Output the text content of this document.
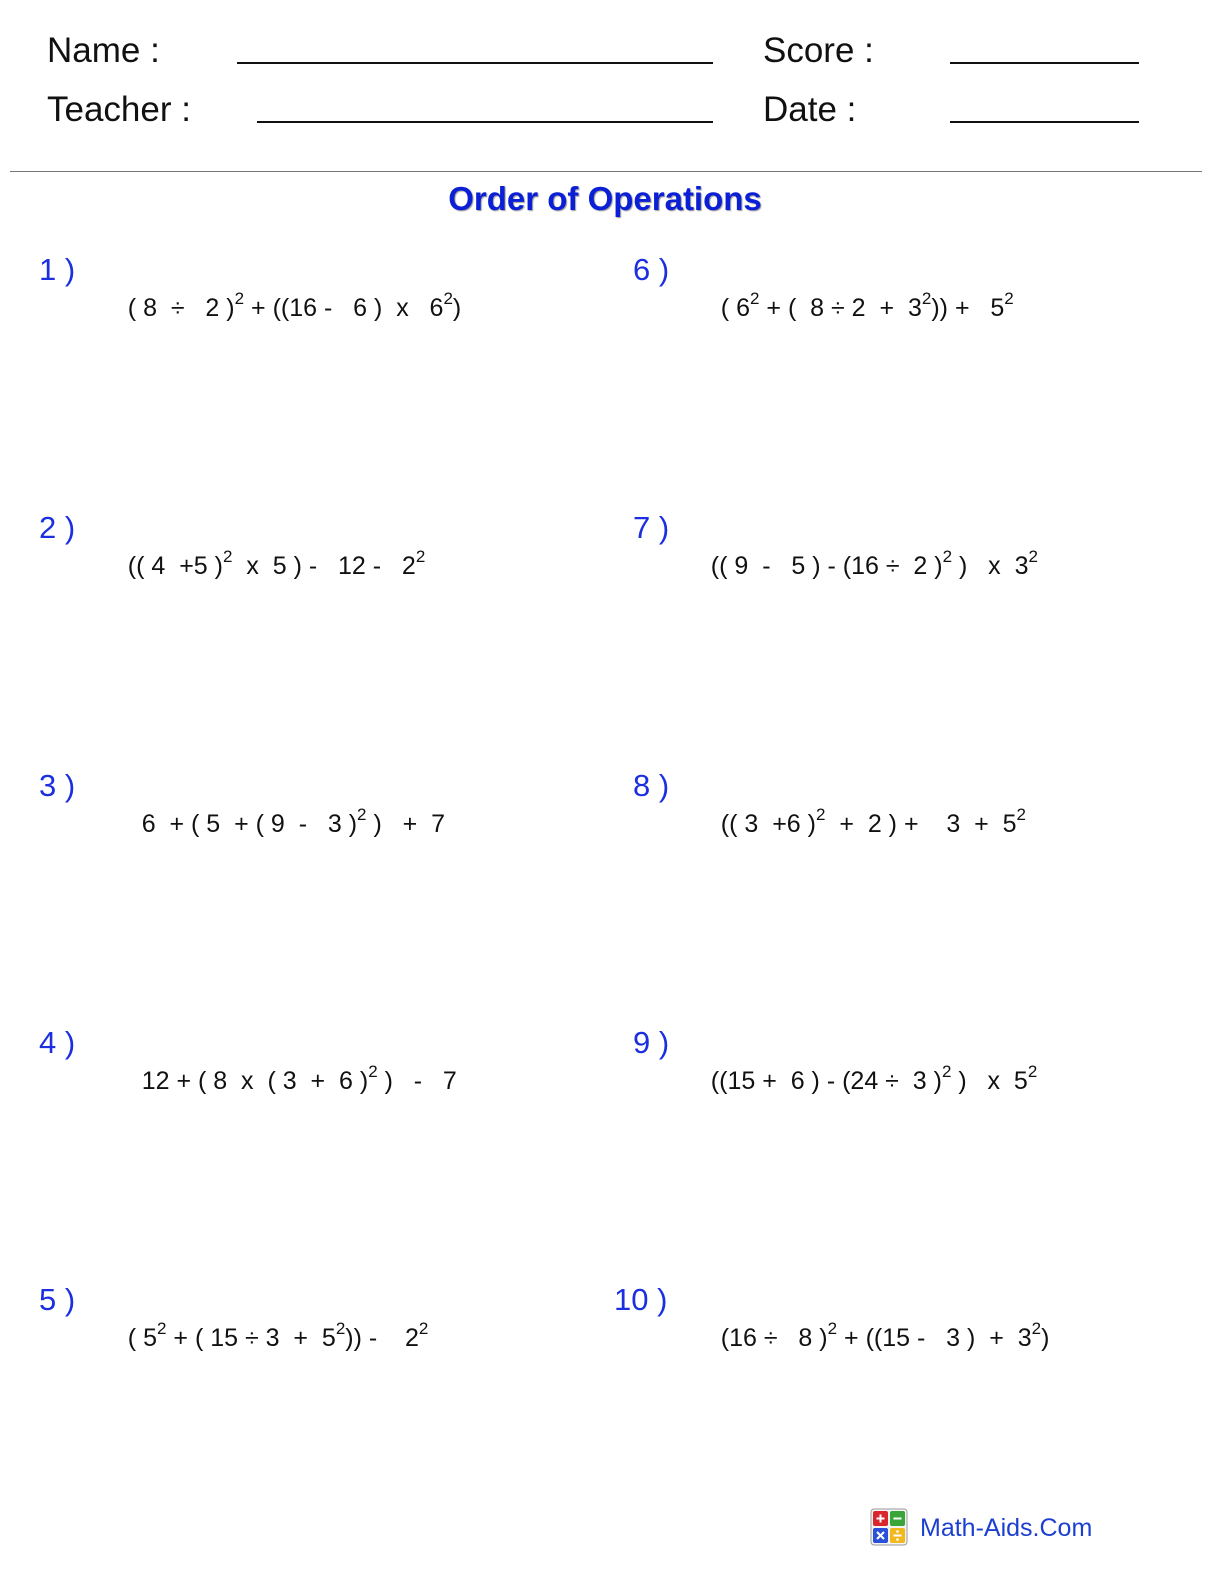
Name :
Teacher :
Score :
Date :
Order of Operations
1 )

( 8  ÷   2 )$^2$ + ((16 -   6 )  x   $6^2$)

2 )

(( 4  +5 )$^2$  x  5 ) -   $12 - 2^2$

3 )

6  + ( 5  + ( 9  -   3 )$^2$ )   +  7

4 )

12 + ( 8  x  ( 3  +  6 )$^2$ )   -   7

5 )

( $5^2$ + ( $15 \div 3 + 5^2$)) -    $2^2$

6 )

( $6^2$ + (  $8 \div 2 + 3^2)) + 5^2$

7 )

(( 9  -   5 ) - (16 ÷  2 )$^2$ )   x  $3^2$

8 )

(( 3  +6 )$^2$  +  2 ) +    $3 + 5^2$

9 )

((15 +  6 ) - (24 ÷  3 )$^2$ )   x  $5^2$

10 )

(16 ÷   8 )$^2$ + ((15 -   3 )  +  $3^2$)

Math-Aids.Com
